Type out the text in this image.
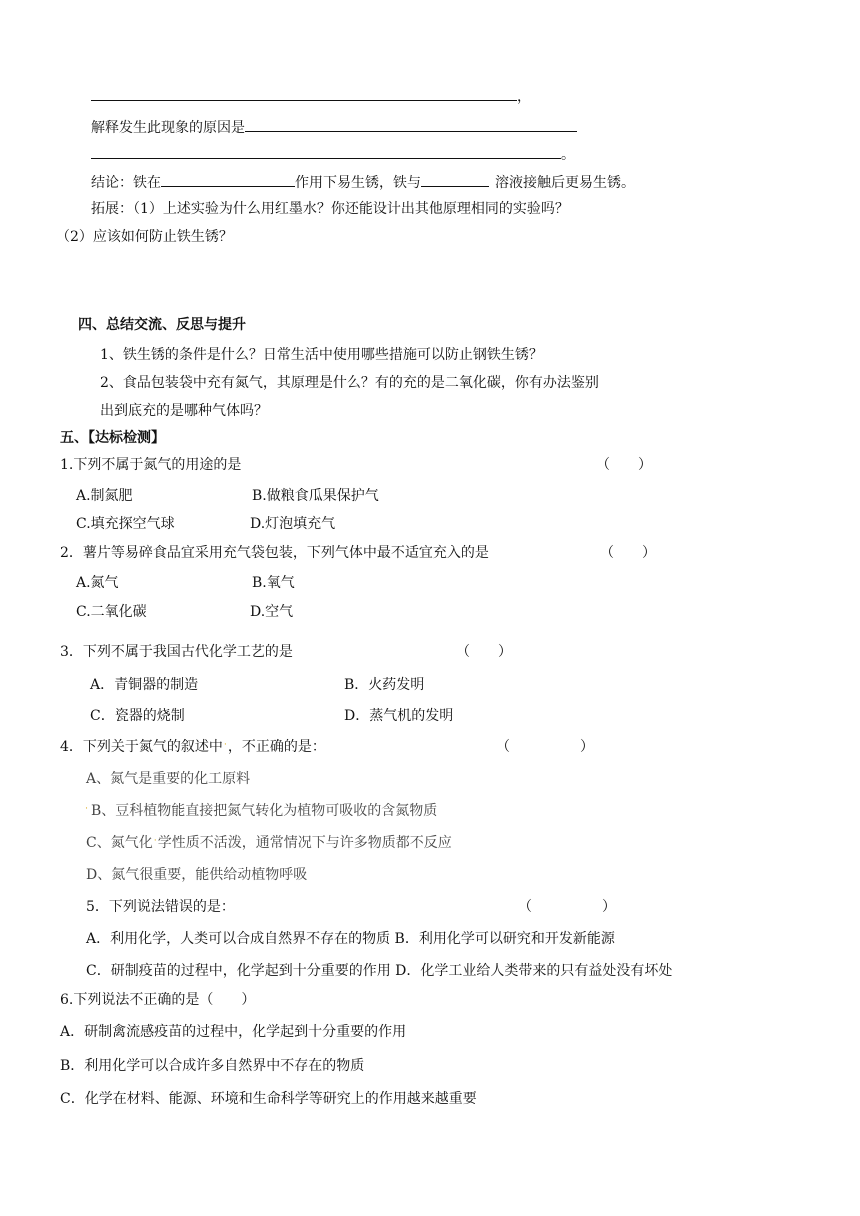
，
解释发生此现象的原因是
。
结论：铁在	作用下易生锈，铁与	溶液接触后更易生锈。
拓展：（1）上述实验为什么用红墨水？你还能设计出其他原理相同的实验吗？
（2）应该如何防止铁生锈？
四、总结交流、反思与提升
1、铁生锈的条件是什么？日常生活中使用哪些措施可以防止钢铁生锈？
2、食品包装袋中充有氮气，其原理是什么？有的充的是二氧化碳，你有办法鉴别
出到底充的是哪种气体吗？
五、【达标检测】
1.下列不属于氮气的用途的是	（　　）
A.制氮肥	B.做粮食瓜果保护气
C.填充探空气球	D.灯泡填充气
2．薯片等易碎食品宜采用充气袋包装，下列气体中最不适宜充入的是	（　　）
A.氮气	B.氧气
C.二氧化碳	D.空气
3．下列不属于我国古代化学工艺的是	（　　）
A．青铜器的制造	B．火药发明
C．瓷器的烧制	D．蒸气机的发明
4．下列关于氮气的叙述中˙，不正确的是：	（　　　　　）
A、氮气是重要的化工原料
˙ B、豆科植物能直接把氮气转化为植物可吸收的含氮物质
C、氮气化˙学性质不活泼，通常情况下与许多物质都不反应
D、氮气很重要，能供给动植物呼吸
5．下列说法错误的是：	（　　　　　）
A．利用化学，人类可以合成自然界不存在的物质 B．利用化学可以研究和开发新能源
C．研制疫苗的过程中，化学起到十分重要的作用 D．化学工业给人类带来的只有益处没有坏处
6.下列说法不正确的是（　　）
A．研制禽流感疫苗的过程中，化学起到十分重要的作用
B．利用化学可以合成许多自然界中不存在的物质
C．化学在材料、能源、环境和生命科学等研究上的作用越来越重要
